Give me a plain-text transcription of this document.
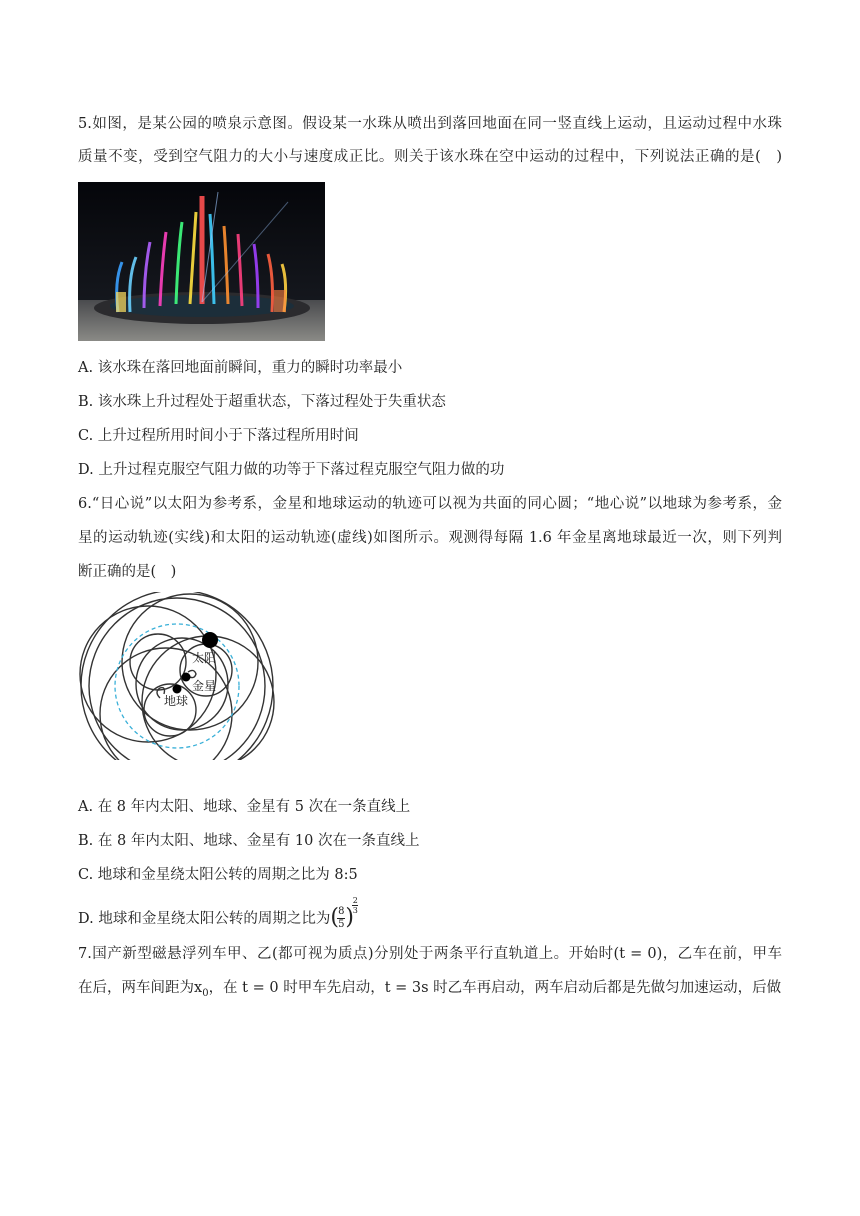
5.如图，是某公园的喷泉示意图。假设某一水珠从喷出到落回地面在同一竖直线上运动，且运动过程中水珠
质量不变，受到空气阻力的大小与速度成正比。则关于该水珠在空中运动的过程中，下列说法正确的是(　)
A. 该水珠在落回地面前瞬间，重力的瞬时功率最小
B. 该水珠上升过程处于超重状态，下落过程处于失重状态
C. 上升过程所用时间小于下落过程所用时间
D. 上升过程克服空气阻力做的功等于下落过程克服空气阻力做的功
6.“日心说”以太阳为参考系，金星和地球运动的轨迹可以视为共面的同心圆；“地心说”以地球为参考系，金
星的运动轨迹(实线)和太阳的运动轨迹(虚线)如图所示。观测得每隔 1.6 年金星离地球最近一次，则下列判
断正确的是(　)
太阳
金星
地球
A. 在 8 年内太阳、地球、金星有 5 次在一条直线上
B. 在 8 年内太阳、地球、金星有 10 次在一条直线上
C. 地球和金星绕太阳公转的周期之比为 8:5
D. 地球和金星绕太阳公转的周期之比为 ( 8
5 )
2
3
7.国产新型磁悬浮列车甲、乙(都可视为质点)分别处于两条平行直轨道上。开始时(t = 0)，乙车在前，甲车
在后，两车间距为$x_0$，在 t = 0 时甲车先启动，t = 3s 时乙车再启动，两车启动后都是先做匀加速运动，后做
